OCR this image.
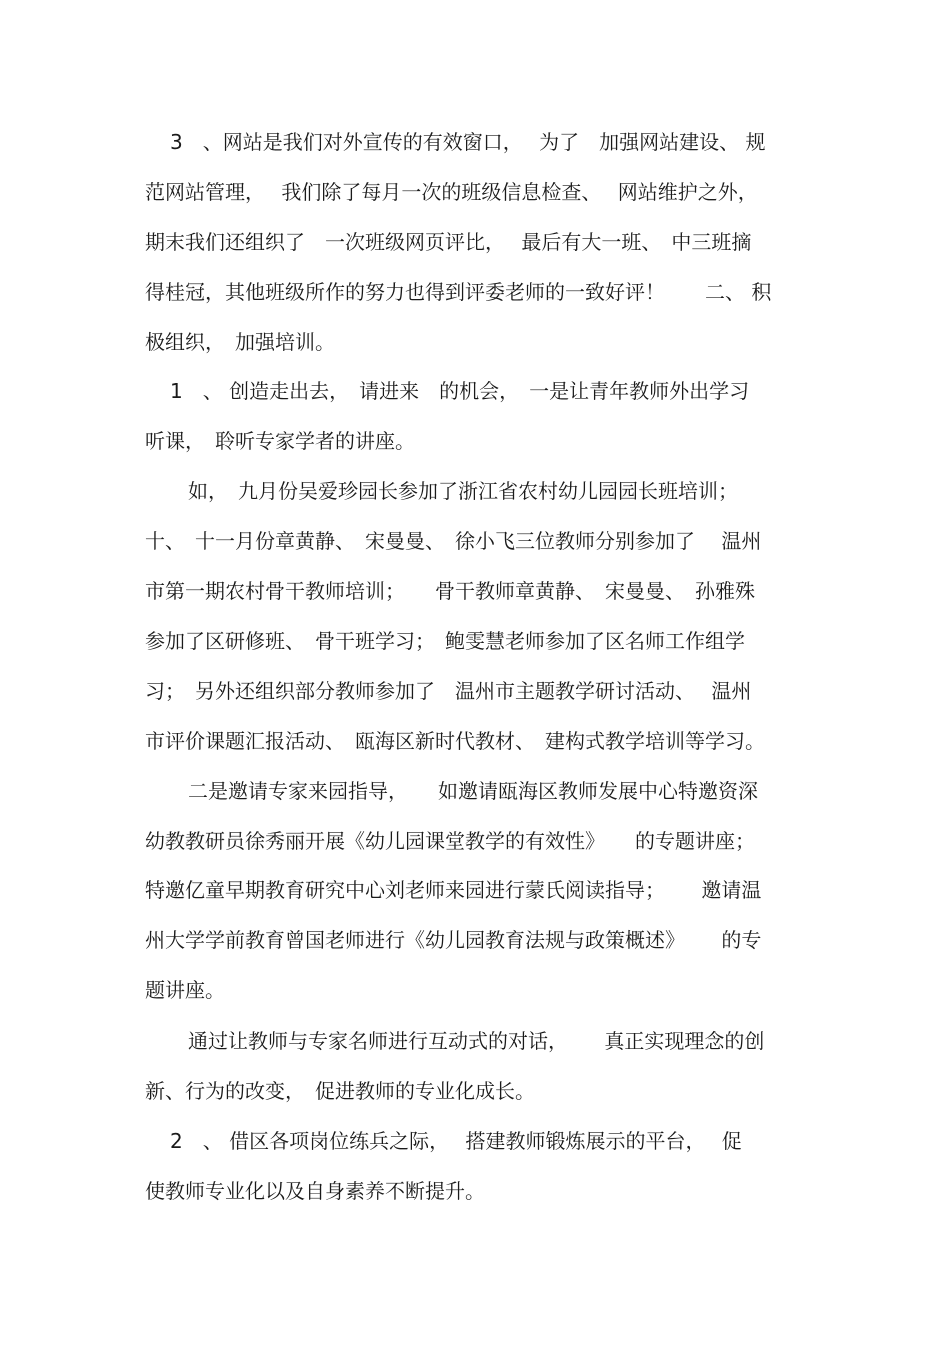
3　、网站是我们对外宣传的有效窗口，　 为了　加强网站建设、 规
范网站管理，　 我们除了每月一次的班级信息检查、　 网站维护之外，
期末我们还组织了　一次班级网页评比，　 最后有大一班、　中三班摘
得桂冠，其他班级所作的努力也得到评委老师的一致好评！　　二、 积
极组织，　加强培训。
1　、 创造走出去，　请进来　的机会，　一是让青年教师外出学习
听课，　聆听专家学者的讲座。
如，　九月份吴爱珍园长参加了浙江省农村幼儿园园长班培训；
十、　十一月份章黄静、　宋曼曼、　徐小飞三位教师分别参加了　 温州
市第一期农村骨干教师培训；　　骨干教师章黄静、　宋曼曼、　孙雅殊
参加了区研修班、　骨干班学习；　鲍雯慧老师参加了区名师工作组学
习；　另外还组织部分教师参加了　温州市主题教学研讨活动、　 温州
市评价课题汇报活动、　瓯海区新时代教材、　建构式教学培训等学习。
二是邀请专家来园指导，　　如邀请瓯海区教师发展中心特邀资深
幼教教研员徐秀丽开展《幼儿园课堂教学的有效性》　　的专题讲座；
特邀亿童早期教育研究中心刘老师来园进行蒙氏阅读指导；　　 邀请温
州大学学前教育曾国老师进行《幼儿园教育法规与政策概述》　　 的专
题讲座。
通过让教师与专家名师进行互动式的对话，　　 真正实现理念的创
新、行为的改变，　促进教师的专业化成长。
2　、 借区各项岗位练兵之际，　 搭建教师锻炼展示的平台，　 促
使教师专业化以及自身素养不断提升。
